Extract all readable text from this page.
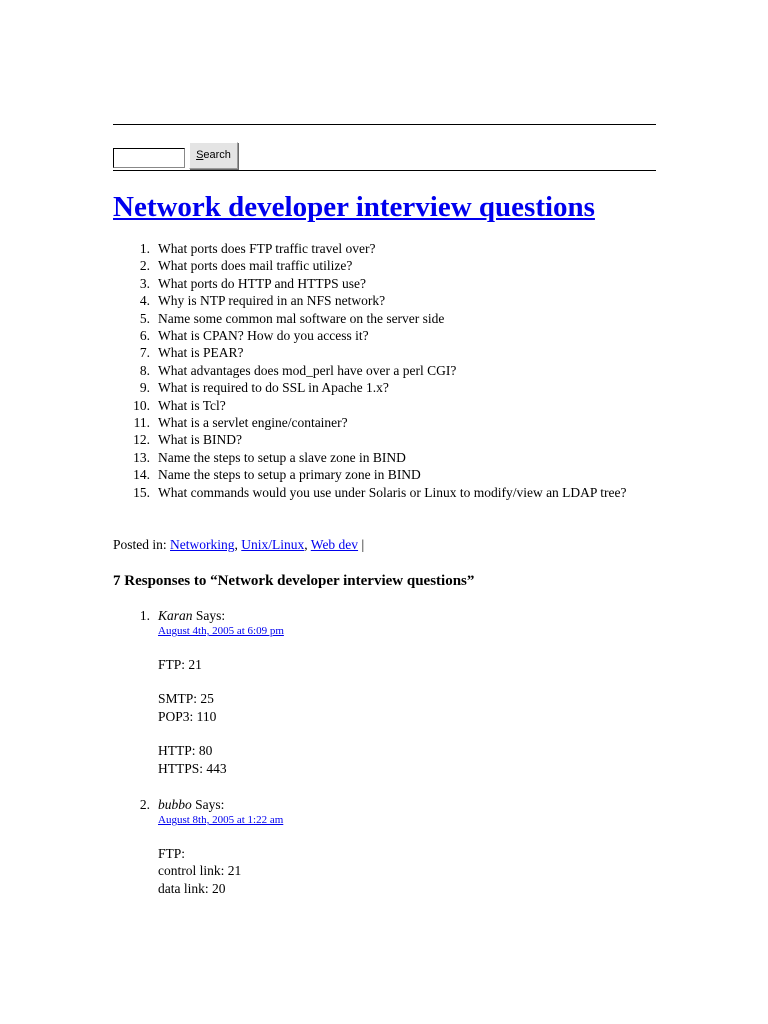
Search
Network developer interview questions
1. What ports does FTP traffic travel over?
2. What ports does mail traffic utilize?
3. What ports do HTTP and HTTPS use?
4. Why is NTP required in an NFS network?
5. Name some common mal software on the server side
6. What is CPAN? How do you access it?
7. What is PEAR?
8. What advantages does mod_perl have over a perl CGI?
9. What is required to do SSL in Apache 1.x?
10. What is Tcl?
11. What is a servlet engine/container?
12. What is BIND?
13. Name the steps to setup a slave zone in BIND
14. Name the steps to setup a primary zone in BIND
15. What commands would you use under Solaris or Linux to modify/view an LDAP tree?
Posted in: Networking, Unix/Linux, Web dev |
7 Responses to “Network developer interview questions”
1. Karan Says:
August 4th, 2005 at 6:09 pm

FTP: 21

SMTP: 25
POP3: 110

HTTP: 80
HTTPS: 443

2. bubbo Says:
August 8th, 2005 at 1:22 am

FTP:
control link: 21
data link: 20
